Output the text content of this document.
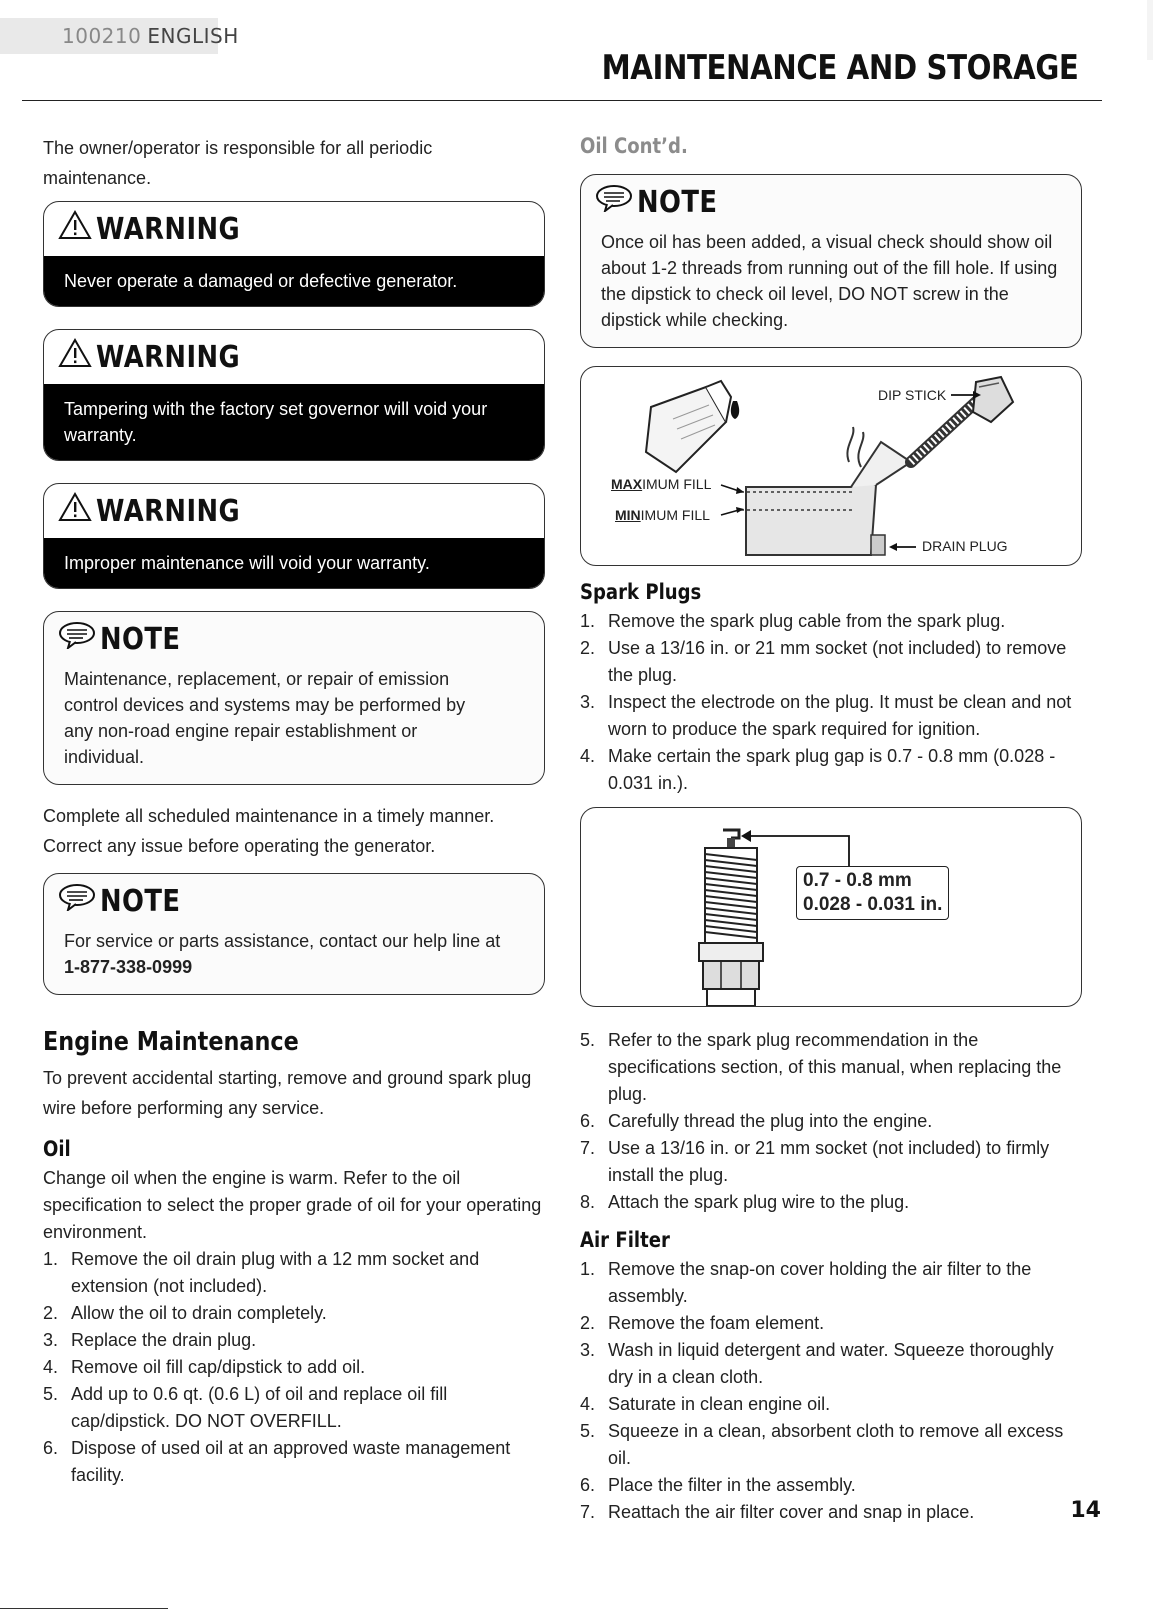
100210 ENGLISH
MAINTENANCE AND STORAGE

The owner/operator is responsible for all periodic maintenance.

WARNING
Never operate a damaged or defective generator.
WARNING
Tampering with the factory set governor will void your warranty.
WARNING
Improper maintenance will void your warranty.
NOTE
Maintenance, replacement, or repair of emission control devices and systems may be performed by any non-road engine repair establishment or individual.

Complete all scheduled maintenance in a timely manner. Correct any issue before operating the generator.

NOTE
For service or parts assistance, contact our help line at 1-877-338-0999
Engine Maintenance

To prevent accidental starting, remove and ground spark plug wire before performing any service.

Oil

Change oil when the engine is warm. Refer to the oil specification to select the proper grade of oil for your operating environment.

1. Remove the oil drain plug with a 12 mm socket and extension (not included).
2. Allow the oil to drain completely.
3. Replace the drain plug.
4. Remove oil fill cap/dipstick to add oil.
5. Add up to 0.6 qt. (0.6 L) of oil and replace oil fill cap/dipstick. DO NOT OVERFILL.
6. Dispose of used oil at an approved waste management facility.
Oil Cont’d.
NOTE
Once oil has been added, a visual check should show oil about 1-2 threads from running out of the fill hole. If using the dipstick to check oil level, DO NOT screw in the dipstick while checking.
DIP STICK
MAXIMUM FILL
MINIMUM FILL
DRAIN PLUG
Spark Plugs
1. Remove the spark plug cable from the spark plug.
2. Use a 13/16 in. or 21 mm socket (not included) to remove the plug.
3. Inspect the electrode on the plug. It must be clean and not worn to produce the spark required for ignition.
4. Make certain the spark plug gap is 0.7 - 0.8 mm (0.028 - 0.031 in.).
0.7 - 0.8 mm
0.028 - 0.031 in.
5. Refer to the spark plug recommendation in the specifications section, of this manual, when replacing the plug.
6. Carefully thread the plug into the engine.
7. Use a 13/16 in. or 21 mm socket (not included) to firmly install the plug.
8. Attach the spark plug wire to the plug.
Air Filter
1. Remove the snap-on cover holding the air filter to the assembly.
2. Remove the foam element.
3. Wash in liquid detergent and water. Squeeze thoroughly dry in a clean cloth.
4. Saturate in clean engine oil.
5. Squeeze in a clean, absorbent cloth to remove all excess oil.
6. Place the filter in the assembly.
7. Reattach the air filter cover and snap in place.	14
